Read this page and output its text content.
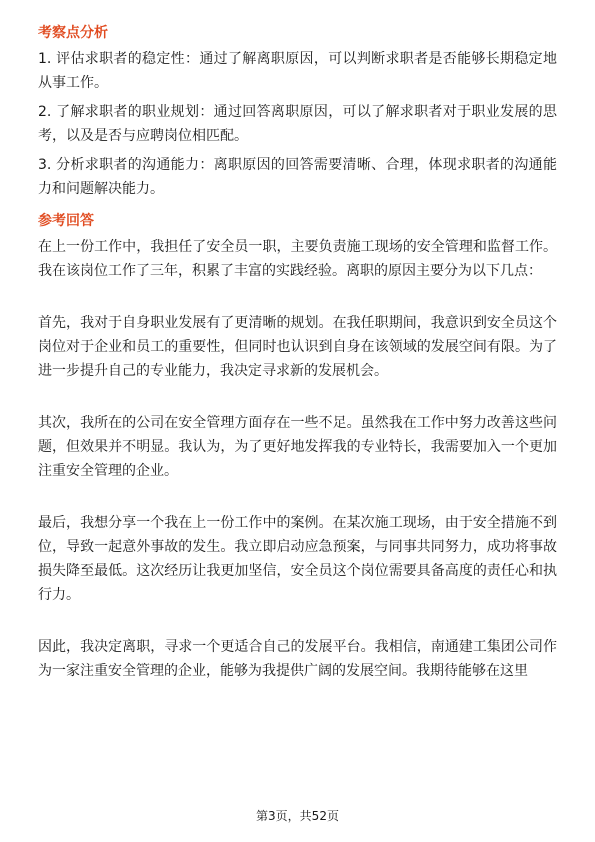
考察点分析

1. 评估求职者的稳定性：通过了解离职原因，可以判断求职者是否能够长期稳定地从事工作。

2. 了解求职者的职业规划：通过回答离职原因，可以了解求职者对于职业发展的思考，以及是否与应聘岗位相匹配。

3. 分析求职者的沟通能力：离职原因的回答需要清晰、合理，体现求职者的沟通能力和问题解决能力。

参考回答

在上一份工作中，我担任了安全员一职，主要负责施工现场的安全管理和监督工作。我在该岗位工作了三年，积累了丰富的实践经验。离职的原因主要分为以下几点：

首先，我对于自身职业发展有了更清晰的规划。在我任职期间，我意识到安全员这个岗位对于企业和员工的重要性，但同时也认识到自身在该领域的发展空间有限。为了进一步提升自己的专业能力，我决定寻求新的发展机会。

其次，我所在的公司在安全管理方面存在一些不足。虽然我在工作中努力改善这些问题，但效果并不明显。我认为，为了更好地发挥我的专业特长，我需要加入一个更加注重安全管理的企业。

最后，我想分享一个我在上一份工作中的案例。在某次施工现场，由于安全措施不到位，导致一起意外事故的发生。我立即启动应急预案，与同事共同努力，成功将事故损失降至最低。这次经历让我更加坚信，安全员这个岗位需要具备高度的责任心和执行力。

因此，我决定离职，寻求一个更适合自己的发展平台。我相信，南通建工集团公司作为一家注重安全管理的企业，能够为我提供广阔的发展空间。我期待能够在这里

第3页，共52页
